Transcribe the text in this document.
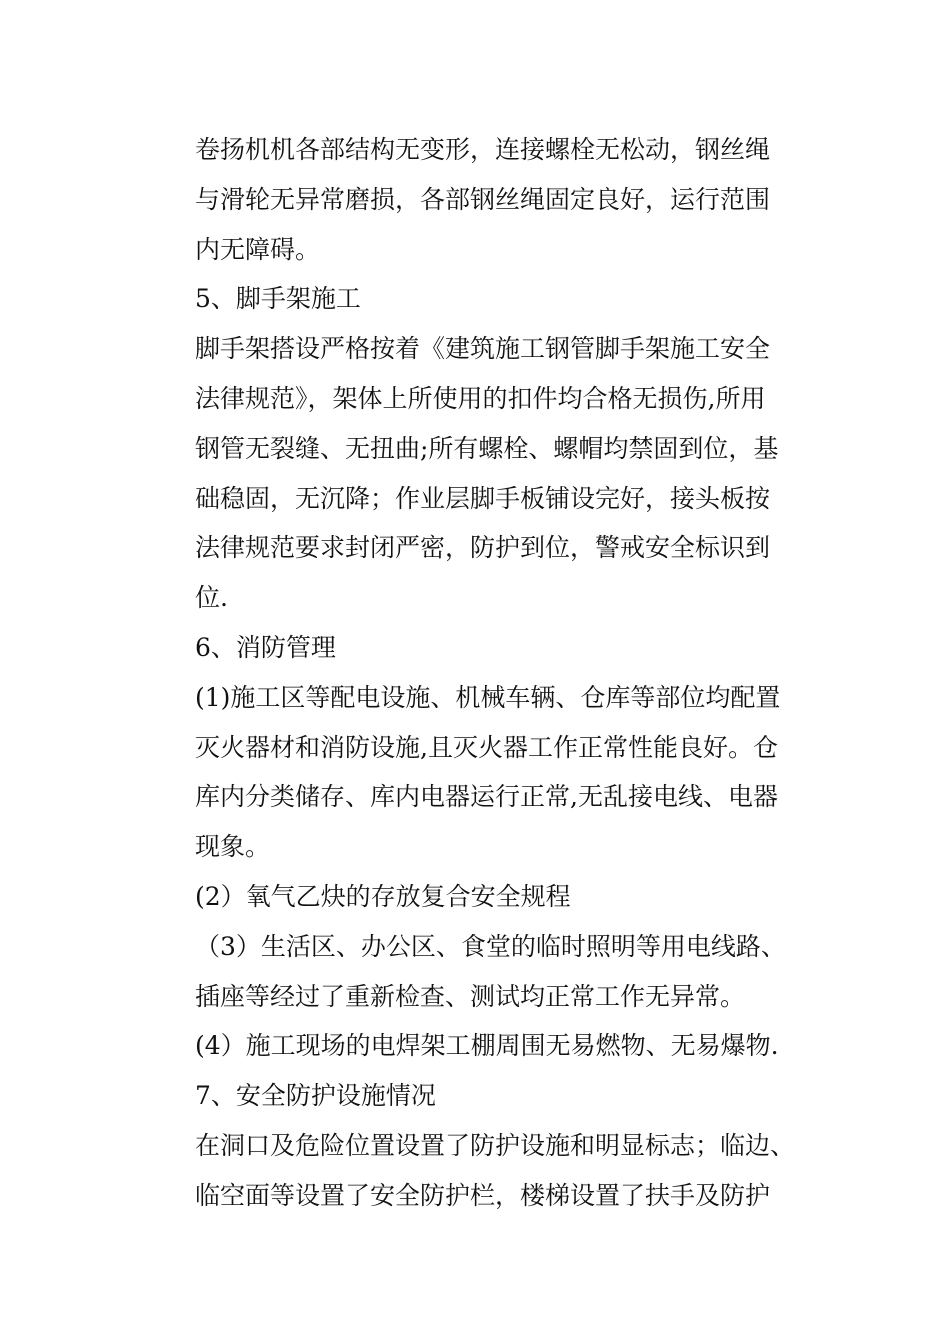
卷扬机机各部结构无变形，连接螺栓无松动，钢丝绳

与滑轮无异常磨损，各部钢丝绳固定良好，运行范围

内无障碍。

5、脚手架施工

脚手架搭设严格按着《建筑施工钢管脚手架施工安全

法律规范》，架体上所使用的扣件均合格无损伤,所用

钢管无裂缝、无扭曲;所有螺栓、螺帽均禁固到位，基

础稳固，无沉降；作业层脚手板铺设完好，接头板按

法律规范要求封闭严密，防护到位，警戒安全标识到

位.

6、消防管理

(1)施工区等配电设施、机械车辆、仓库等部位均配置

灭火器材和消防设施,且灭火器工作正常性能良好。仓

库内分类储存、库内电器运行正常,无乱接电线、电器

现象。

(2）氧气乙炔的存放复合安全规程

（3）生活区、办公区、食堂的临时照明等用电线路、

插座等经过了重新检查、测试均正常工作无异常。

(4）施工现场的电焊架工棚周围无易燃物、无易爆物.

7、安全防护设施情况

在洞口及危险位置设置了防护设施和明显标志；临边、

临空面等设置了安全防护栏，楼梯设置了扶手及防护
